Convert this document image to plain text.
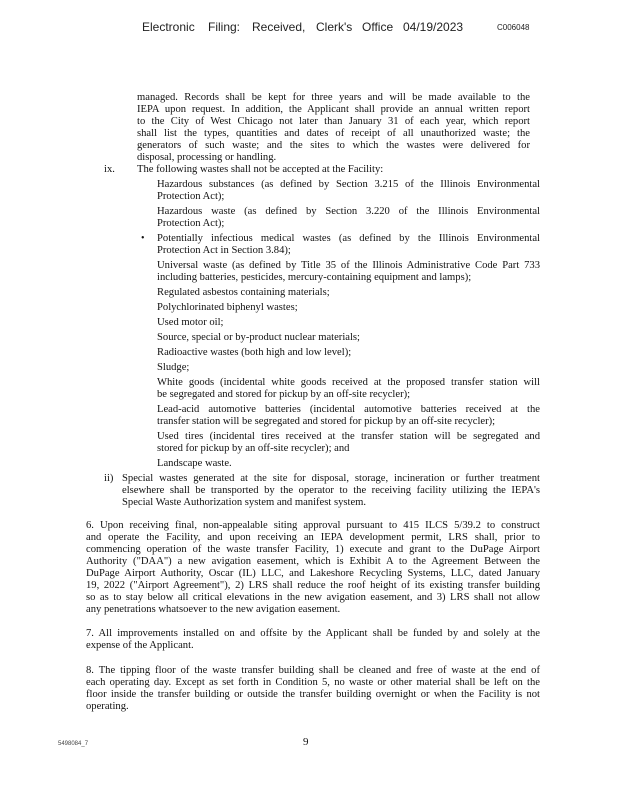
Electronic Filing: Received, Clerk's Office 04/19/2023	C006048
managed. Records shall be kept for three years and will be made available to the
IEPA upon request. In addition, the Applicant shall provide an annual written report
to the City of West Chicago not later than January 31 of each year, which report
shall list the types, quantities and dates of receipt of all unauthorized waste; the
generators of such waste; and the sites to which the wastes were delivered for
disposal, processing or handling.
ix. The following wastes shall not be accepted at the Facility:
Hazardous substances (as defined by Section 3.215 of the Illinois Environmental
Protection Act);
Hazardous waste (as defined by Section 3.220 of the Illinois Environmental
Protection Act);
• Potentially infectious medical wastes (as defined by the Illinois Environmental
Protection Act in Section 3.84);
Universal waste (as defined by Title 35 of the Illinois Administrative Code Part 733
including batteries, pesticides, mercury-containing equipment and lamps);
Regulated asbestos containing materials;
Polychlorinated biphenyl wastes;
Used motor oil;
Source, special or by-product nuclear materials;
Radioactive wastes (both high and low level);
Sludge;
White goods (incidental white goods received at the proposed transfer station will
be segregated and stored for pickup by an off-site recycler);
Lead-acid automotive batteries (incidental automotive batteries received at the
transfer station will be segregated and stored for pickup by an off-site recycler);
Used tires (incidental tires received at the transfer station will be segregated and
stored for pickup by an off-site recycler); and
Landscape waste.
ii) Special wastes generated at the site for disposal, storage, incineration or further treatment
elsewhere shall be transported by the operator to the receiving facility utilizing the IEPA's
Special Waste Authorization system and manifest system.
6. Upon receiving final, non-appealable siting approval pursuant to 415 ILCS 5/39.2 to construct
and operate the Facility, and upon receiving an IEPA development permit, LRS shall, prior to
commencing operation of the waste transfer Facility, 1) execute and grant to the DuPage Airport
Authority ("DAA") a new avigation easement, which is Exhibit A to the Agreement Between the
DuPage Airport Authority, Oscar (IL) LLC, and Lakeshore Recycling Systems, LLC, dated January
19, 2022 ("Airport Agreement"), 2) LRS shall reduce the roof height of its existing transfer building
so as to stay below all critical elevations in the new avigation easement, and 3) LRS shall not allow
any penetrations whatsoever to the new avigation easement.
7. All improvements installed on and offsite by the Applicant shall be funded by and solely at the
expense of the Applicant.
8. The tipping floor of the waste transfer building shall be cleaned and free of waste at the end of
each operating day. Except as set forth in Condition 5, no waste or other material shall be left on the
floor inside the transfer building or outside the transfer building overnight or when the Facility is not
operating.
5498084_7	9
